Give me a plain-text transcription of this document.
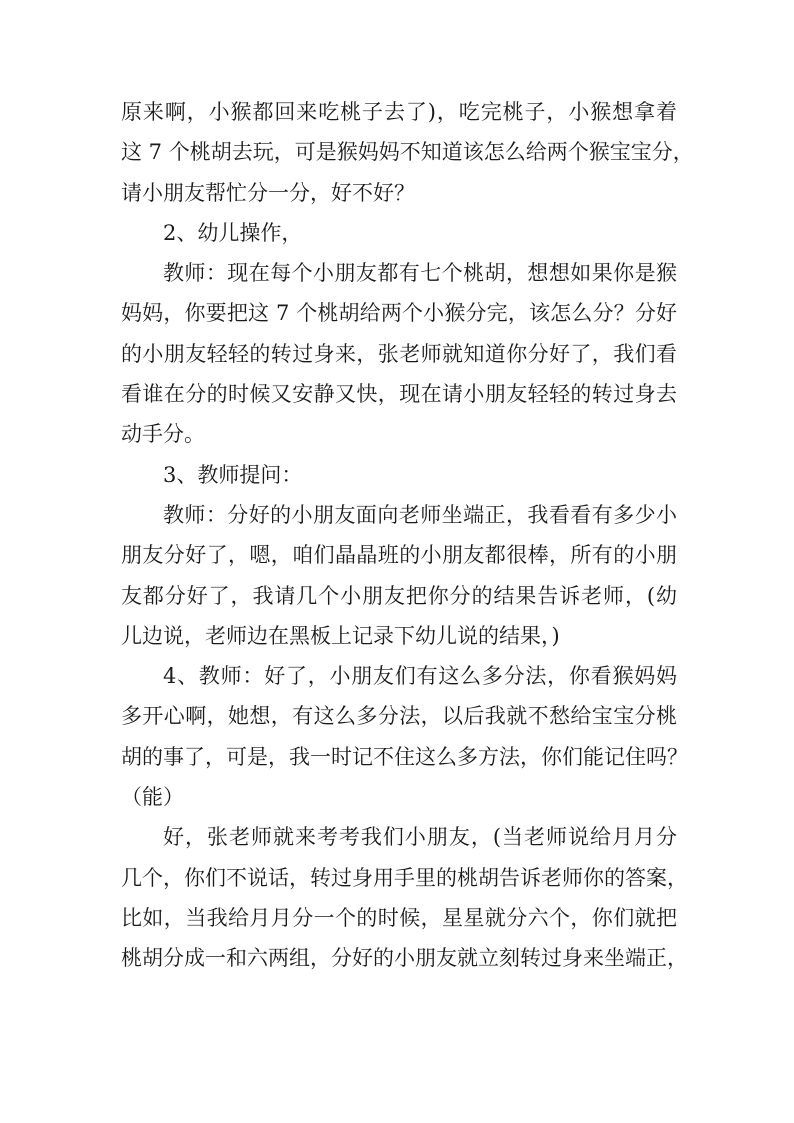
原来啊，小猴都回来吃桃子去了)，吃完桃子，小猴想拿着
这 7 个桃胡去玩，可是猴妈妈不知道该怎么给两个猴宝宝分，
请小朋友帮忙分一分，好不好？
2、幼儿操作，
教师：现在每个小朋友都有七个桃胡，想想如果你是猴
妈妈，你要把这 7 个桃胡给两个小猴分完，该怎么分？分好
的小朋友轻轻的转过身来，张老师就知道你分好了，我们看
看谁在分的时候又安静又快，现在请小朋友轻轻的转过身去
动手分。
3、教师提问：
教师：分好的小朋友面向老师坐端正，我看看有多少小
朋友分好了，嗯，咱们晶晶班的小朋友都很棒，所有的小朋
友都分好了，我请几个小朋友把你分的结果告诉老师，(幼
儿边说，老师边在黑板上记录下幼儿说的结果，)
4、教师：好了，小朋友们有这么多分法，你看猴妈妈
多开心啊，她想，有这么多分法，以后我就不愁给宝宝分桃
胡的事了，可是，我一时记不住这么多方法，你们能记住吗？
（能）
好，张老师就来考考我们小朋友，(当老师说给月月分
几个，你们不说话，转过身用手里的桃胡告诉老师你的答案，
比如，当我给月月分一个的时候，星星就分六个，你们就把
桃胡分成一和六两组，分好的小朋友就立刻转过身来坐端正，
